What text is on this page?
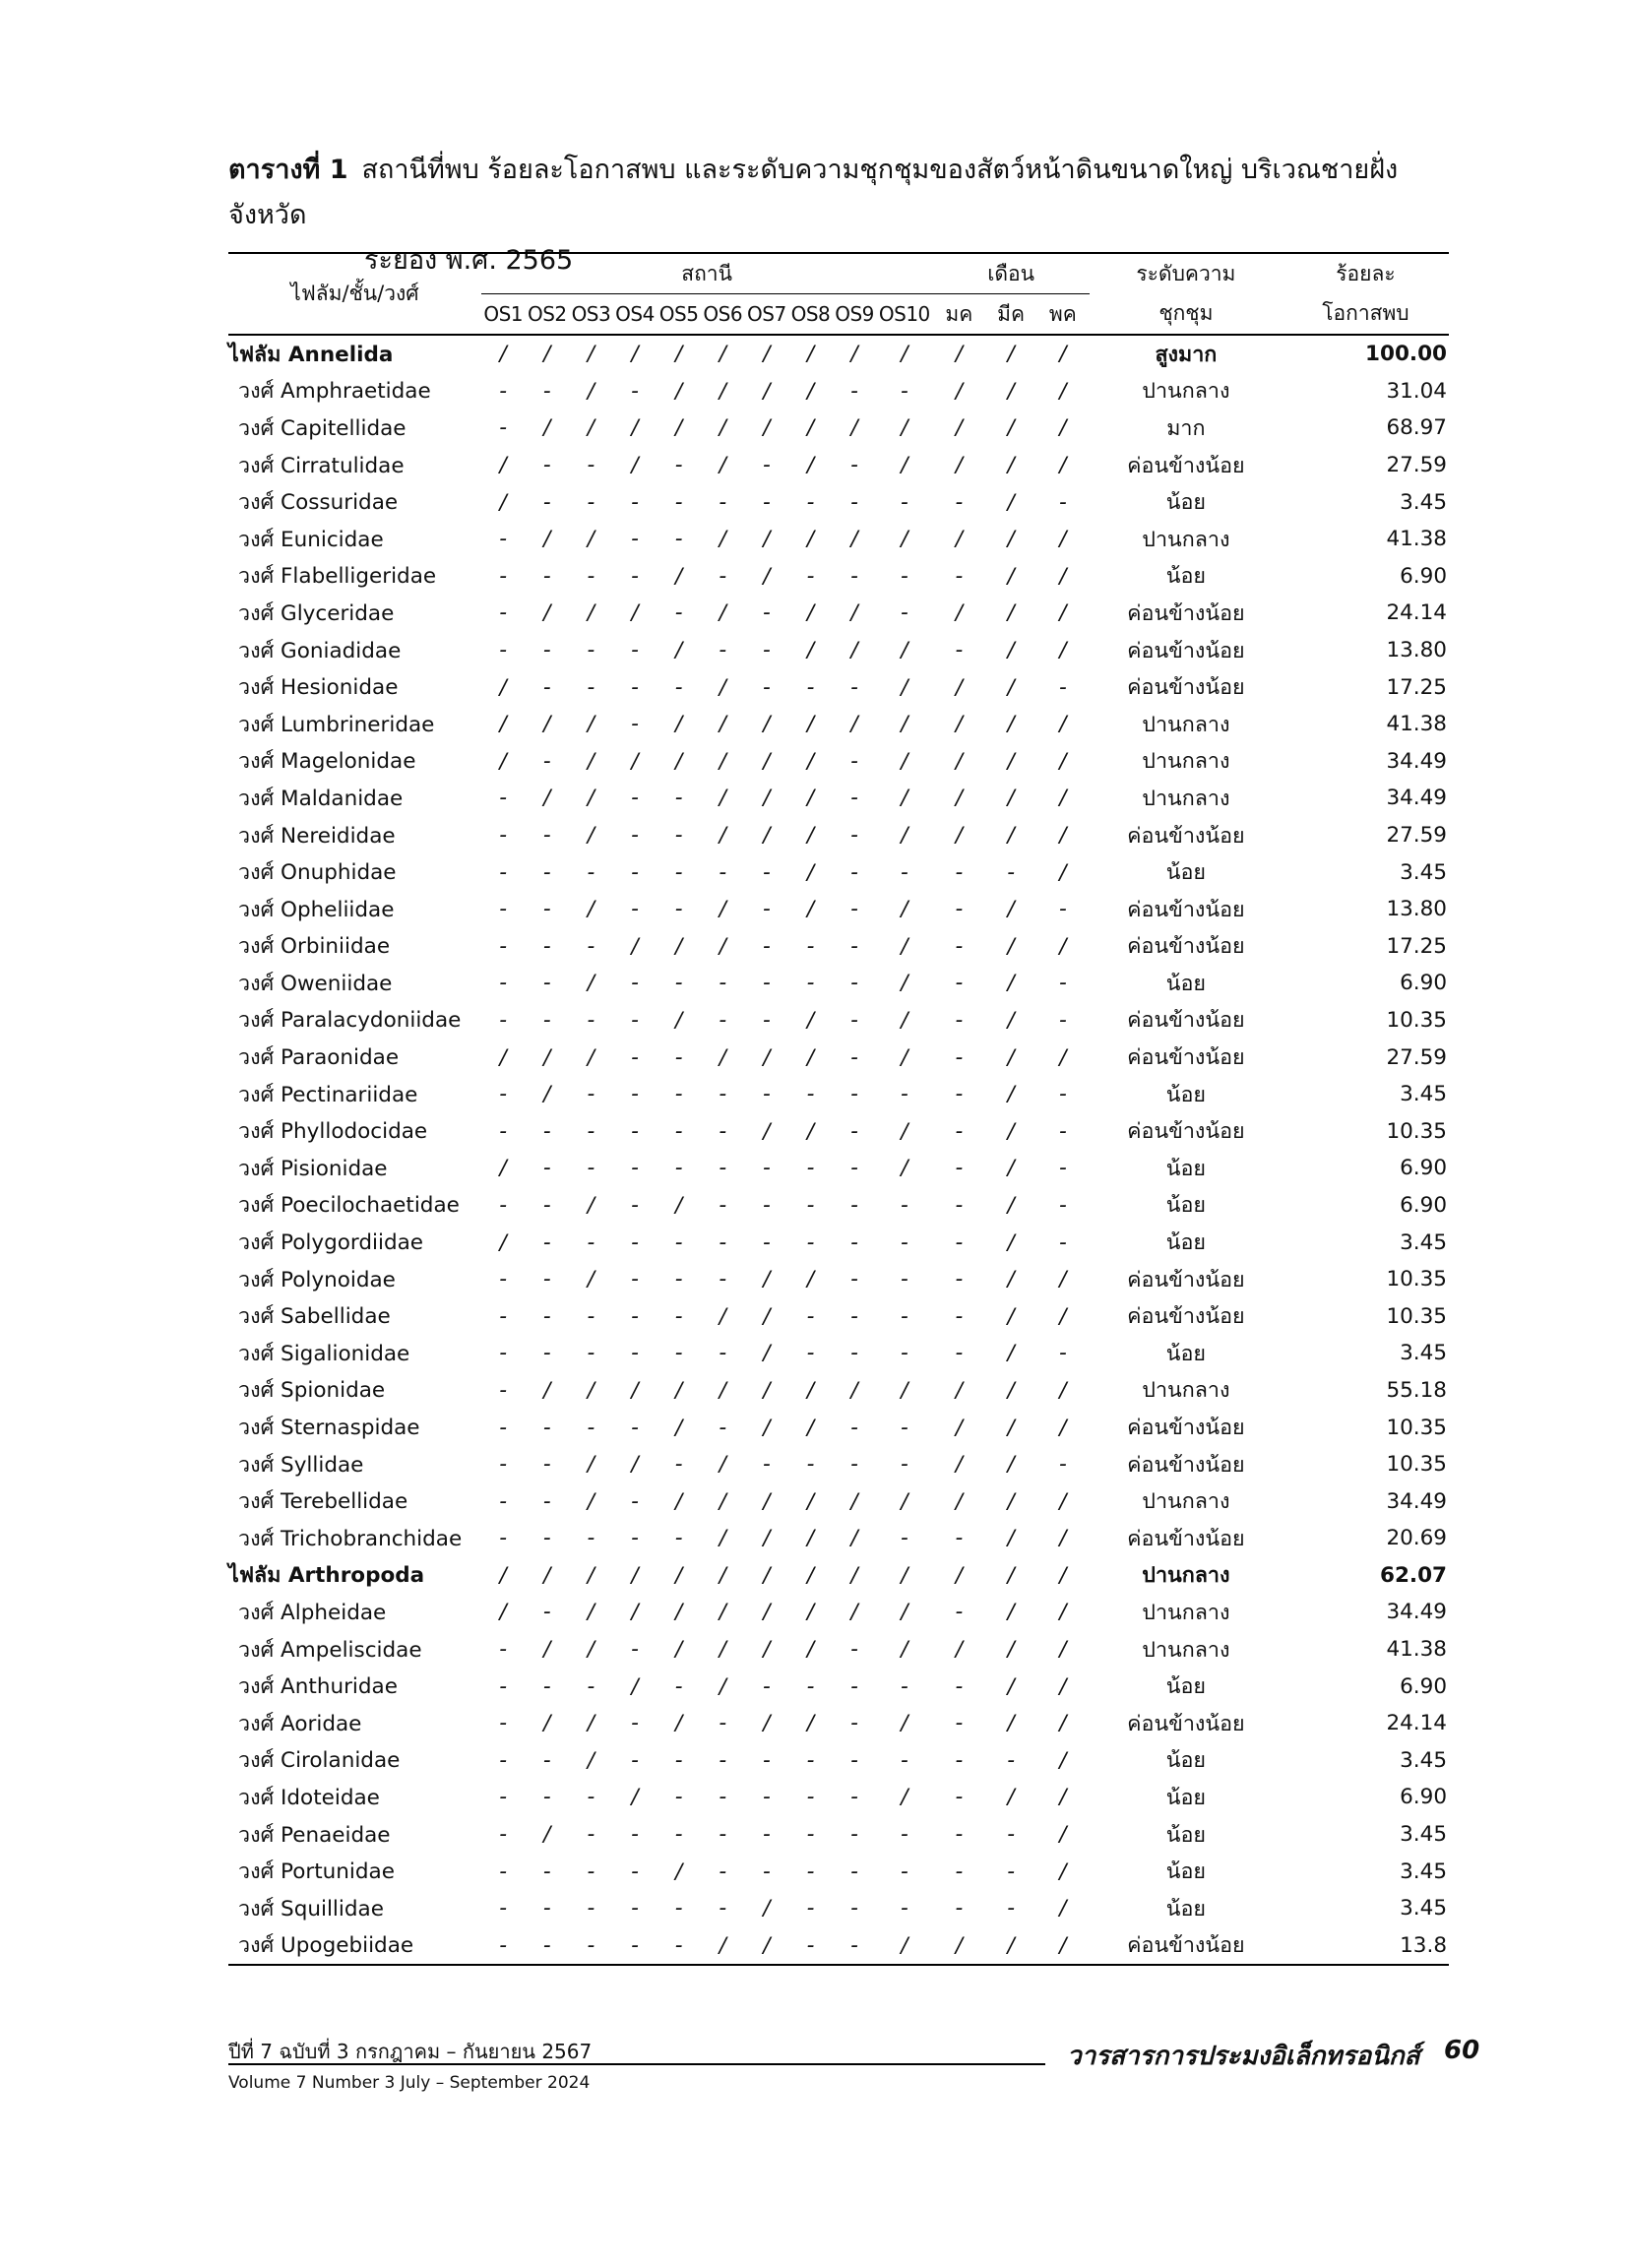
ตารางที่ 1 สถานีที่พบ ร้อยละโอกาสพบ และระดับความชุกชุมของสัตว์หน้าดินขนาดใหญ่ บริเวณชายฝั่งจังหวัด
ระยอง พ.ศ. 2565
ไฟลัม/ชั้น/วงศ์	สถานี										เดือน			ระดับความ	ร้อยละ
	OS1	OS2	OS3	OS4	OS5	OS6	OS7	OS8	OS9	OS10	มค	มีค	พค	ชุกชุม	โอกาสพบ
ไฟลัม Annelida	/	/	/	/	/	/	/	/	/	/	/	/	/	สูงมาก	100.00
วงศ์ Amphraetidae	-	-	/	-	/	/	/	/	-	-	/	/	/	ปานกลาง	31.04
วงศ์ Capitellidae	-	/	/	/	/	/	/	/	/	/	/	/	/	มาก	68.97
วงศ์ Cirratulidae	/	-	-	/	-	/	-	/	-	/	/	/	/	ค่อนข้างน้อย	27.59
วงศ์ Cossuridae	/	-	-	-	-	-	-	-	-	-	-	/	-	น้อย	3.45
วงศ์ Eunicidae	-	/	/	-	-	/	/	/	/	/	/	/	/	ปานกลาง	41.38
วงศ์ Flabelligeridae	-	-	-	-	/	-	/	-	-	-	-	/	/	น้อย	6.90
วงศ์ Glyceridae	-	/	/	/	-	/	-	/	/	-	/	/	/	ค่อนข้างน้อย	24.14
วงศ์ Goniadidae	-	-	-	-	/	-	-	/	/	/	-	/	/	ค่อนข้างน้อย	13.80
วงศ์ Hesionidae	/	-	-	-	-	/	-	-	-	/	/	/	-	ค่อนข้างน้อย	17.25
วงศ์ Lumbrineridae	/	/	/	-	/	/	/	/	/	/	/	/	/	ปานกลาง	41.38
วงศ์ Magelonidae	/	-	/	/	/	/	/	/	-	/	/	/	/	ปานกลาง	34.49
วงศ์ Maldanidae	-	/	/	-	-	/	/	/	-	/	/	/	/	ปานกลาง	34.49
วงศ์ Nereididae	-	-	/	-	-	/	/	/	-	/	/	/	/	ค่อนข้างน้อย	27.59
วงศ์ Onuphidae	-	-	-	-	-	-	-	/	-	-	-	-	/	น้อย	3.45
วงศ์ Opheliidae	-	-	/	-	-	/	-	/	-	/	-	/	-	ค่อนข้างน้อย	13.80
วงศ์ Orbiniidae	-	-	-	/	/	/	-	-	-	/	-	/	/	ค่อนข้างน้อย	17.25
วงศ์ Oweniidae	-	-	/	-	-	-	-	-	-	/	-	/	-	น้อย	6.90
วงศ์ Paralacydoniidae	-	-	-	-	/	-	-	/	-	/	-	/	-	ค่อนข้างน้อย	10.35
วงศ์ Paraonidae	/	/	/	-	-	/	/	/	-	/	-	/	/	ค่อนข้างน้อย	27.59
วงศ์ Pectinariidae	-	/	-	-	-	-	-	-	-	-	-	/	-	น้อย	3.45
วงศ์ Phyllodocidae	-	-	-	-	-	-	/	/	-	/	-	/	-	ค่อนข้างน้อย	10.35
วงศ์ Pisionidae	/	-	-	-	-	-	-	-	-	/	-	/	-	น้อย	6.90
วงศ์ Poecilochaetidae	-	-	/	-	/	-	-	-	-	-	-	/	-	น้อย	6.90
วงศ์ Polygordiidae	/	-	-	-	-	-	-	-	-	-	-	/	-	น้อย	3.45
วงศ์ Polynoidae	-	-	/	-	-	-	/	/	-	-	-	/	/	ค่อนข้างน้อย	10.35
วงศ์ Sabellidae	-	-	-	-	-	/	/	-	-	-	-	/	/	ค่อนข้างน้อย	10.35
วงศ์ Sigalionidae	-	-	-	-	-	-	/	-	-	-	-	/	-	น้อย	3.45
วงศ์ Spionidae	-	/	/	/	/	/	/	/	/	/	/	/	/	ปานกลาง	55.18
วงศ์ Sternaspidae	-	-	-	-	/	-	/	/	-	-	/	/	/	ค่อนข้างน้อย	10.35
วงศ์ Syllidae	-	-	/	/	-	/	-	-	-	-	/	/	-	ค่อนข้างน้อย	10.35
วงศ์ Terebellidae	-	-	/	-	/	/	/	/	/	/	/	/	/	ปานกลาง	34.49
วงศ์ Trichobranchidae	-	-	-	-	-	/	/	/	/	-	-	/	/	ค่อนข้างน้อย	20.69
ไฟลัม Arthropoda	/	/	/	/	/	/	/	/	/	/	/	/	/	ปานกลาง	62.07
วงศ์ Alpheidae	/	-	/	/	/	/	/	/	/	/	-	/	/	ปานกลาง	34.49
วงศ์ Ampeliscidae	-	/	/	-	/	/	/	/	-	/	/	/	/	ปานกลาง	41.38
วงศ์ Anthuridae	-	-	-	/	-	/	-	-	-	-	-	/	/	น้อย	6.90
วงศ์ Aoridae	-	/	/	-	/	-	/	/	-	/	-	/	/	ค่อนข้างน้อย	24.14
วงศ์ Cirolanidae	-	-	/	-	-	-	-	-	-	-	-	-	/	น้อย	3.45
วงศ์ Idoteidae	-	-	-	/	-	-	-	-	-	/	-	/	/	น้อย	6.90
วงศ์ Penaeidae	-	/	-	-	-	-	-	-	-	-	-	-	/	น้อย	3.45
วงศ์ Portunidae	-	-	-	-	/	-	-	-	-	-	-	-	/	น้อย	3.45
วงศ์ Squillidae	-	-	-	-	-	-	/	-	-	-	-	-	/	น้อย	3.45
วงศ์ Upogebiidae	-	-	-	-	-	/	/	-	-	/	/	/	/	ค่อนข้างน้อย	13.8
ปีที่ 7 ฉบับที่ 3 กรกฎาคม – กันยายน 2567
Volume 7 Number 3 July – September 2024
วารสารการประมงอิเล็กทรอนิกส์ 60
